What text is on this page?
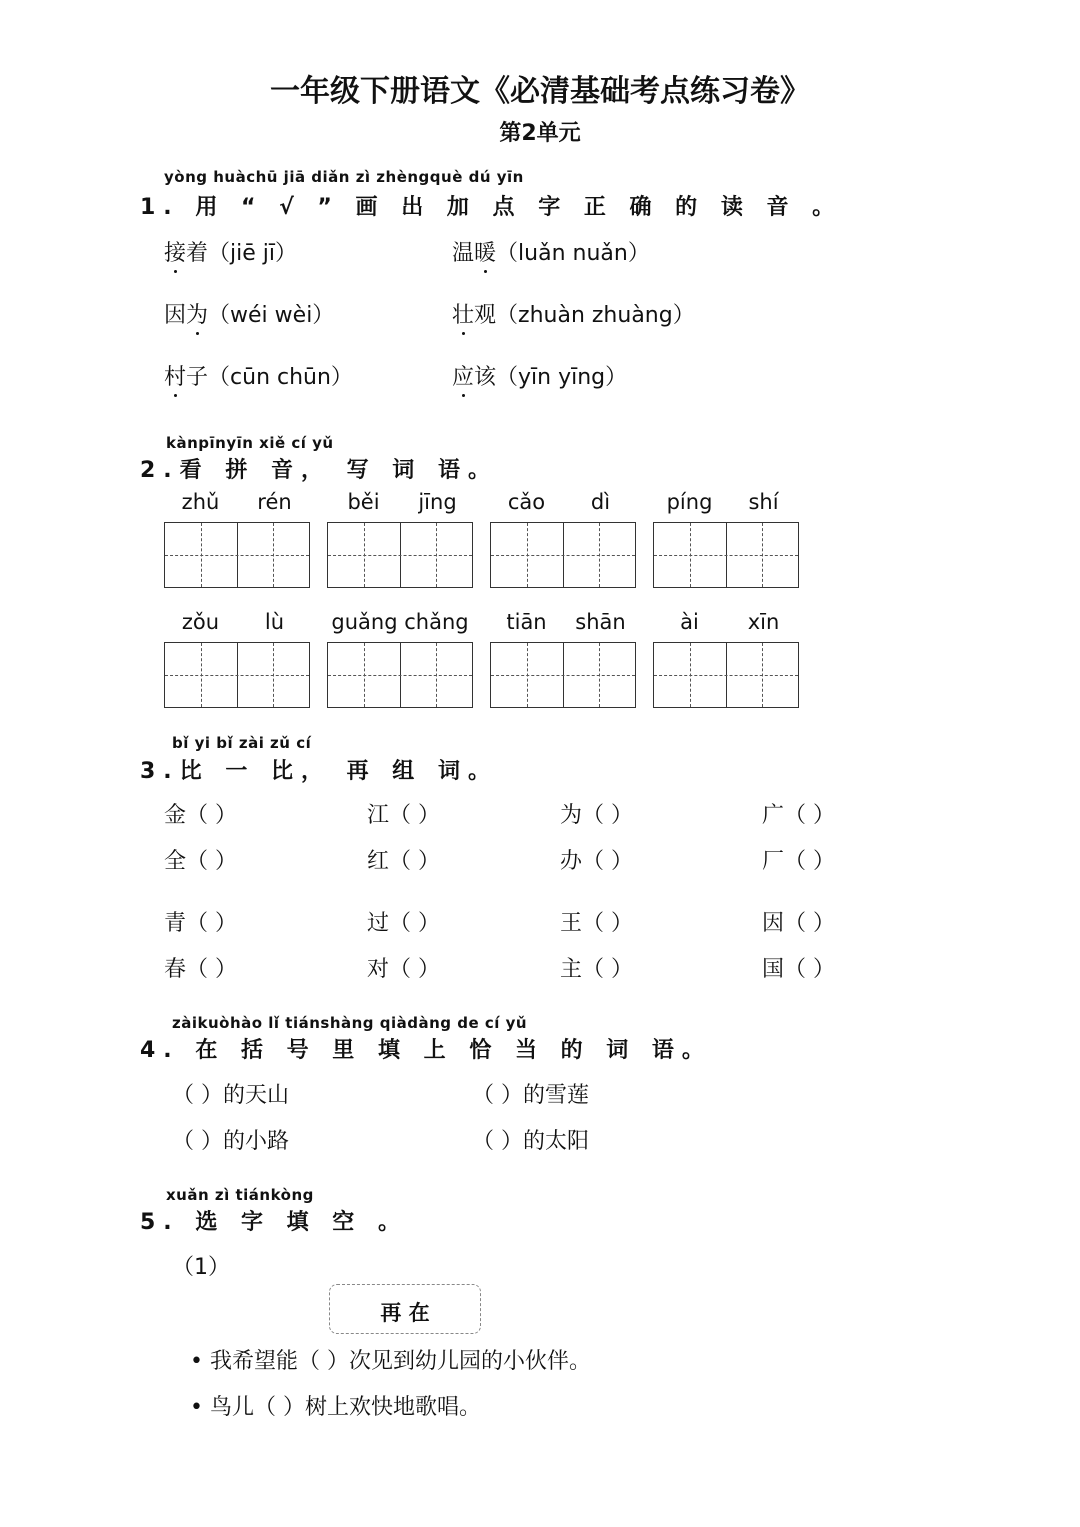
一年级下册语文《必清基础考点练习卷》
第2单元
yòng huàchū jiā diǎn zì zhèngquè dú yīn
1. 用 “ √ ” 画 出 加 点 字 正 确 的 读 音 。
接着（jiē jī）	温暖（luǎn nuǎn）
因为（wéi wèi）	壮观（zhuàn zhuàng）
村子（cūn chūn）	应该（yīn yīng）
kànpīnyīn xiě cí yǔ
2.看 拼 音， 写 词 语。
zhǔ	rén	běi	jīng	cǎo	dì	píng	shí
zǒu	lù	guǎng chǎng	tiān	shān	ài	xīn
bǐ yi bǐ zài zǔ cí
3.比 一 比， 再 组 词。
金（ ）	江（ ）	为（ ）	广（ ）
全（ ）	红（ ）	办（ ）	厂（ ）
青（ ）	过（ ）	王（ ）	因（ ）
春（ ）	对（ ）	主（ ）	国（ ）
zàikuòhào lǐ tiánshàng qiàdàng de cí yǔ
4. 在 括 号 里 填 上 恰 当 的 词 语。
（ ）的天山	（ ）的雪莲
（ ）的小路	（ ）的太阳
xuǎn zì tiánkòng
5. 选 字 填 空 。
（1）
再 在
• 我希望能（ ）次见到幼儿园的小伙伴。
• 鸟儿（ ）树上欢快地歌唱。
